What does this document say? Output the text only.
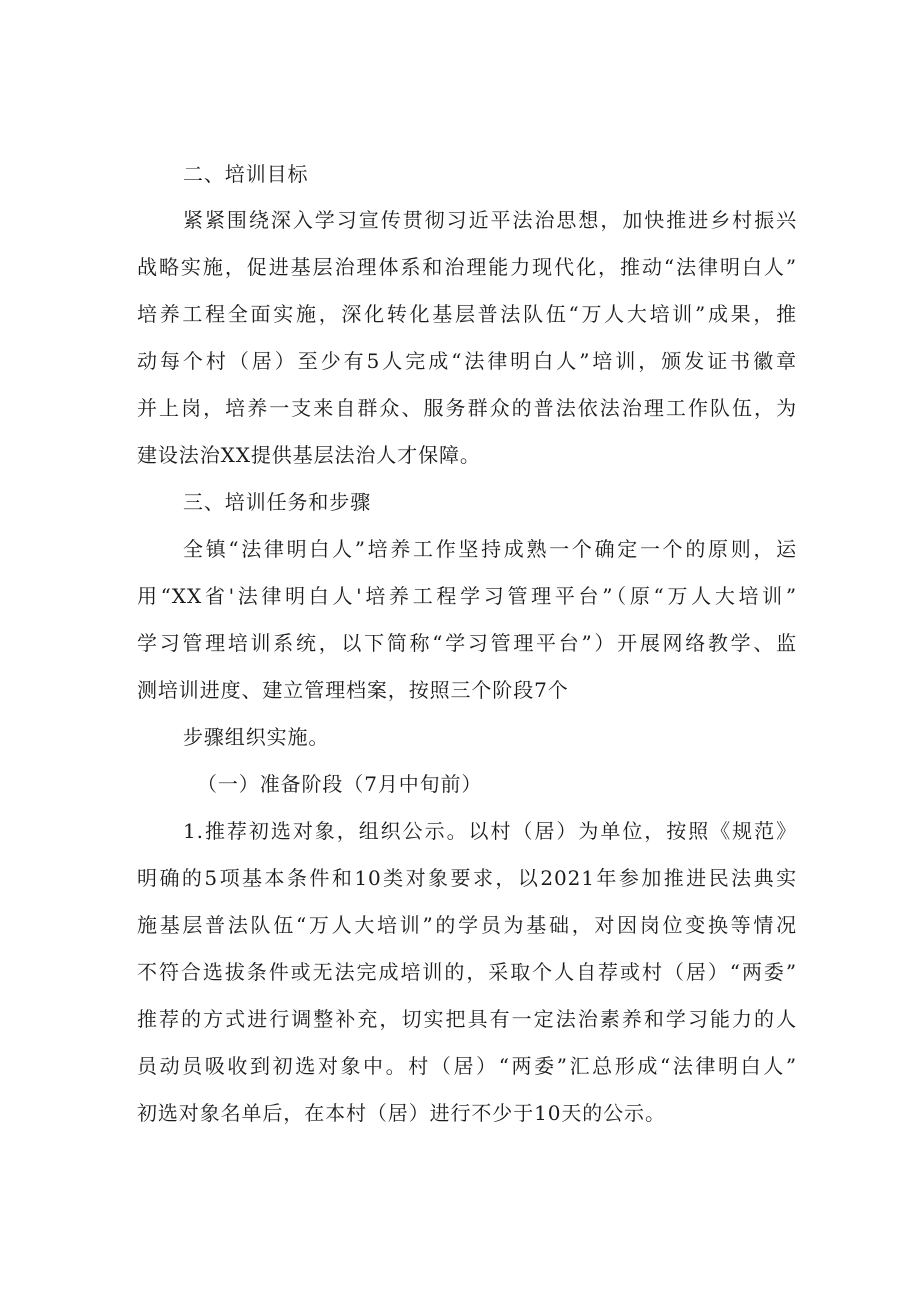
二、培训目标
紧紧围绕深入学习宣传贯彻习近平法治思想，加快推进乡村振兴
战略实施，促进基层治理体系和治理能力现代化，推动“法律明白人”
培养工程全面实施，深化转化基层普法队伍“万人大培训”成果，推
动每个村（居）至少有5人完成“法律明白人”培训，颁发证书徽章
并上岗，培养一支来自群众、服务群众的普法依法治理工作队伍，为
建设法治XX提供基层法治人才保障。
三、培训任务和步骤
全镇“法律明白人”培养工作坚持成熟一个确定一个的原则，运
用“XX省'法律明白人'培养工程学习管理平台”（原“万人大培训”
学习管理培训系统，以下简称“学习管理平台”）开展网络教学、监
测培训进度、建立管理档案，按照三个阶段7个
步骤组织实施。
（一）准备阶段（7月中旬前）
1.推荐初选对象，组织公示。以村（居）为单位，按照《规范》
明确的5项基本条件和10类对象要求，以2021年参加推进民法典实
施基层普法队伍“万人大培训”的学员为基础，对因岗位变换等情况
不符合选拔条件或无法完成培训的，采取个人自荐或村（居）“两委”
推荐的方式进行调整补充，切实把具有一定法治素养和学习能力的人
员动员吸收到初选对象中。村（居）“两委”汇总形成“法律明白人”
初选对象名单后，在本村（居）进行不少于10天的公示。
